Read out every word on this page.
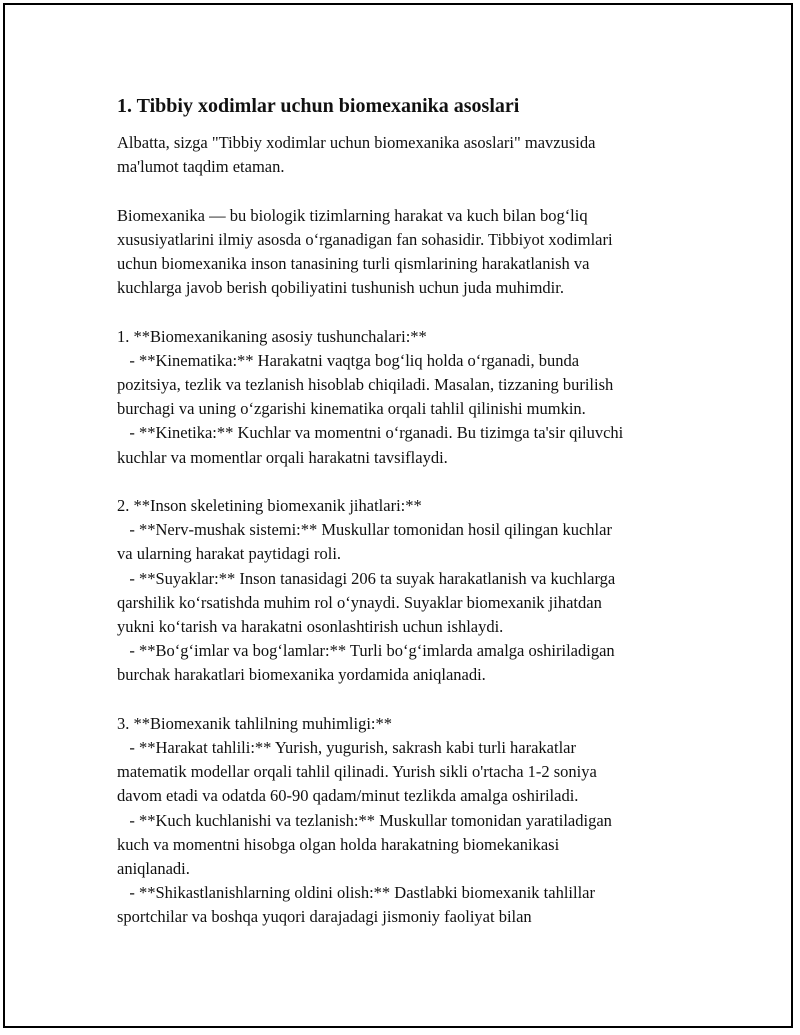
1. Tibbiy xodimlar uchun biomexanika asoslari
Albatta, sizga "Tibbiy xodimlar uchun biomexanika asoslari" mavzusida
ma'lumot taqdim etaman.
Biomexanika — bu biologik tizimlarning harakat va kuch bilan bog‘liq
xususiyatlarini ilmiy asosda o‘rganadigan fan sohasidir. Tibbiyot xodimlari
uchun biomexanika inson tanasining turli qismlarining harakatlanish va
kuchlarga javob berish qobiliyatini tushunish uchun juda muhimdir.
1. **Biomexanikaning asosiy tushunchalari:**
- **Kinematika:** Harakatni vaqtga bog‘liq holda o‘rganadi, bunda
pozitsiya, tezlik va tezlanish hisoblab chiqiladi. Masalan, tizzaning burilish
burchagi va uning o‘zgarishi kinematika orqali tahlil qilinishi mumkin.
- **Kinetika:** Kuchlar va momentni o‘rganadi. Bu tizimga ta'sir qiluvchi
kuchlar va momentlar orqali harakatni tavsiflaydi.
2. **Inson skeletining biomexanik jihatlari:**
- **Nerv-mushak sistemi:** Muskullar tomonidan hosil qilingan kuchlar
va ularning harakat paytidagi roli.
- **Suyaklar:** Inson tanasidagi 206 ta suyak harakatlanish va kuchlarga
qarshilik ko‘rsatishda muhim rol o‘ynaydi. Suyaklar biomexanik jihatdan
yukni ko‘tarish va harakatni osonlashtirish uchun ishlaydi.
- **Bo‘g‘imlar va bog‘lamlar:** Turli bo‘g‘imlarda amalga oshiriladigan
burchak harakatlari biomexanika yordamida aniqlanadi.
3. **Biomexanik tahlilning muhimligi:**
- **Harakat tahlili:** Yurish, yugurish, sakrash kabi turli harakatlar
matematik modellar orqali tahlil qilinadi. Yurish sikli o'rtacha 1-2 soniya
davom etadi va odatda 60-90 qadam/minut tezlikda amalga oshiriladi.
- **Kuch kuchlanishi va tezlanish:** Muskullar tomonidan yaratiladigan
kuch va momentni hisobga olgan holda harakatning biomekanikasi
aniqlanadi.
- **Shikastlanishlarning oldini olish:** Dastlabki biomexanik tahlillar
sportchilar va boshqa yuqori darajadagi jismoniy faoliyat bilan
